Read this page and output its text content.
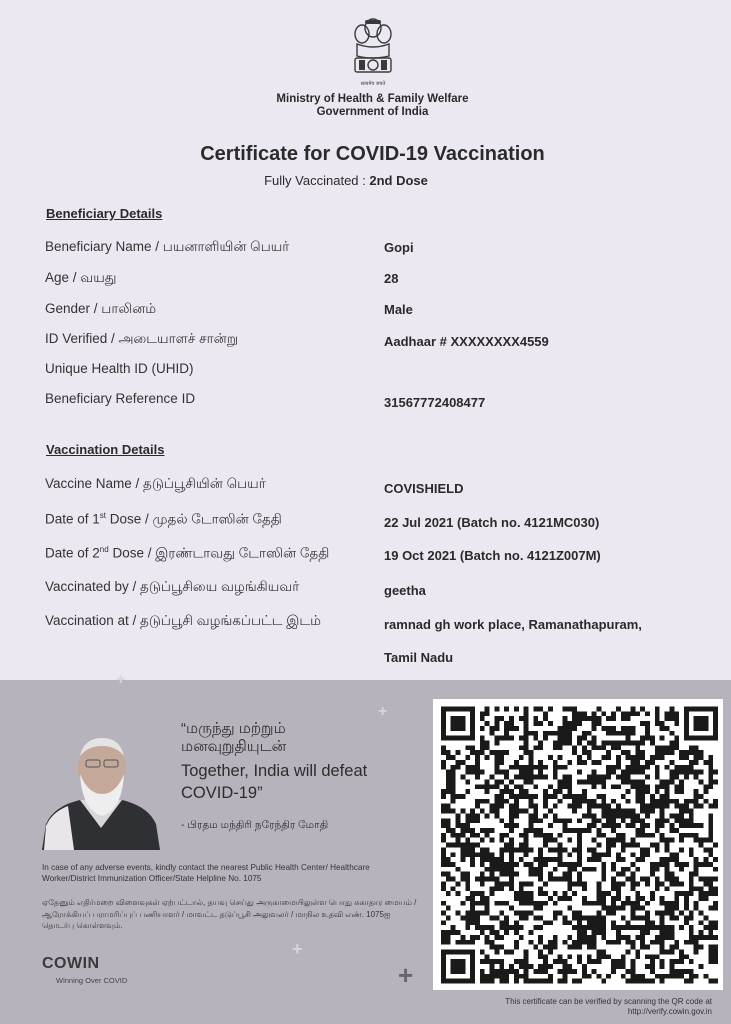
सत्यमेव जयते
Ministry of Health & Family Welfare
Government of India
Certificate for COVID-19 Vaccination
Fully Vaccinated : 2nd Dose
Beneficiary Details
Beneficiary Name / பயனாளியின் பெயர்	Gopi
Age / வயது	28
Gender / பாலினம்	Male
ID Verified / அடையாளச் சான்று	Aadhaar # XXXXXXXX4559
Unique Health ID (UHID)
Beneficiary Reference ID	31567772408477
Vaccination Details
Vaccine Name / தடுப்பூசியின் பெயர்	COVISHIELD
Date of 1st Dose / முதல் டோஸின் தேதி	22 Jul 2021 (Batch no. 4121MC030)
Date of 2nd Dose / இரண்டாவது டோஸின் தேதி	19 Oct 2021 (Batch no. 4121Z007M)
Vaccinated by / தடுப்பூசியை வழங்கியவர்	geetha
Vaccination at / தடுப்பூசி வழங்கப்பட்ட இடம்	ramnad gh work place, Ramanathapuram,
Tamil Nadu
+
+
+
+
“மருந்து மற்றும்
மனவுறுதியுடன்
Together, India will defeat COVID-19”
- பிரதம மந்திரி நரேந்திர மோதி
In case of any adverse events, kindly contact the nearest Public Health Center/ Healthcare Worker/District Immunization Officer/State Helpline No. 1075
ஏதேனும் எதிர்மறை விளைவுகள் ஏற்பட்டால், தயவு செய்து அருகாமையிலுள்ள பொது சுகாதார மையம் / ஆரோக்கியப் பராமரிப்புப் பணியாளர் / மாவட்ட தடுப்பூசி அலுவலர் / மாநில உதவி எண். 1075ஐ தொடர்பு கொள்ளவும்.
COWIN
Winning Over COVID
This certificate can be verified by scanning the QR code at http://verify.cowin.gov.in
